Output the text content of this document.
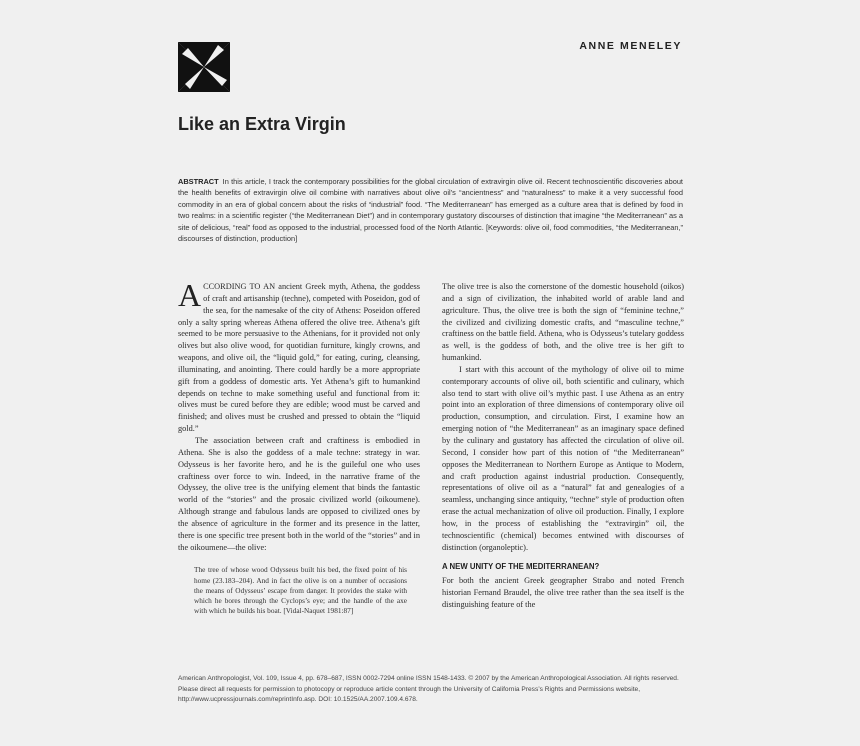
ANNE MENELEY
Like an Extra Virgin

ABSTRACT In this article, I track the contemporary possibilities for the global circulation of extravirgin olive oil. Recent technoscientific discoveries about the health benefits of extravirgin olive oil combine with narratives about olive oil’s “ancientness” and “naturalness” to make it a very successful food commodity in an era of global concern about the risks of “industrial” food. “The Mediterranean” has emerged as a culture area that is defined by food in two realms: in a scientific register (“the Mediterranean Diet”) and in contemporary gustatory discourses of distinction that imagine “the Mediterranean” as a site of delicious, “real” food as opposed to the industrial, processed food of the North Atlantic. [Keywords: olive oil, food commodities, “the Mediterranean,” discourses of distinction, production]

ACCORDING TO AN ancient Greek myth, Athena, the goddess of craft and artisanship (techne), competed with Poseidon, god of the sea, for the namesake of the city of Athens: Poseidon offered only a salty spring whereas Athena offered the olive tree. Athena’s gift seemed to be more persuasive to the Athenians, for it provided not only olives but also olive wood, for quotidian furniture, kingly crowns, and weapons, and olive oil, the “liquid gold,” for eating, curing, cleansing, illuminating, and anointing. There could hardly be a more appropriate gift from a goddess of domestic arts. Yet Athena’s gift to humankind depends on techne to make something useful and functional from it: olives must be cured before they are edible; wood must be carved and finished; and olives must be crushed and pressed to obtain the “liquid gold.”

The association between craft and craftiness is embodied in Athena. She is also the goddess of a male techne: strategy in war. Odysseus is her favorite hero, and he is the guileful one who uses craftiness over force to win. Indeed, in the narrative frame of the Odyssey, the olive tree is the unifying element that binds the fantastic world of the “stories” and the prosaic civilized world (oikoumene). Although strange and fabulous lands are opposed to civilized ones by the absence of agriculture in the former and its presence in the latter, there is one specific tree present both in the world of the “stories” and in the oikoumene—the olive:

The tree of whose wood Odysseus built his bed, the fixed point of his home (23.183–204). And in fact the olive is on a number of occasions the means of Odysseus’ escape from danger. It provides the stake with which he bores through the Cyclops’s eye; and the handle of the axe with which he builds his boat. [Vidal-Naquet 1981:87]

The olive tree is also the cornerstone of the domestic household (oikos) and a sign of civilization, the inhabited world of arable land and agriculture. Thus, the olive tree is both the sign of “feminine techne,” the civilized and civilizing domestic crafts, and “masculine techne,” craftiness on the battle field. Athena, who is Odysseus’s tutelary goddess as well, is the goddess of both, and the olive tree is her gift to humankind.

I start with this account of the mythology of olive oil to mime contemporary accounts of olive oil, both scientific and culinary, which also tend to start with olive oil’s mythic past. I use Athena as an entry point into an exploration of three dimensions of contemporary olive oil production, consumption, and circulation. First, I examine how an emerging notion of “the Mediterranean” as an imaginary space defined by the culinary and gustatory has affected the circulation of olive oil. Second, I consider how part of this notion of “the Mediterranean” opposes the Mediterranean to Northern Europe as Antique to Modern, and craft production against industrial production. Consequently, representations of olive oil as a “natural” fat and genealogies of a seamless, unchanging since antiquity, “techne” style of production often erase the actual mechanization of olive oil production. Finally, I explore how, in the process of establishing the “extravirgin” oil, the technoscientific (chemical) becomes entwined with discourses of distinction (organoleptic).

A NEW UNITY OF THE MEDITERRANEAN?

For both the ancient Greek geographer Strabo and noted French historian Fernand Braudel, the olive tree rather than the sea itself is the distinguishing feature of the

American Anthropologist, Vol. 109, Issue 4, pp. 678–687, ISSN 0002-7294 online ISSN 1548-1433. © 2007 by the American Anthropological Association. All rights reserved. Please direct all requests for permission to photocopy or reproduce article content through the University of California Press’s Rights and Permissions website, http://www.ucpressjournals.com/reprintInfo.asp. DOI: 10.1525/AA.2007.109.4.678.
